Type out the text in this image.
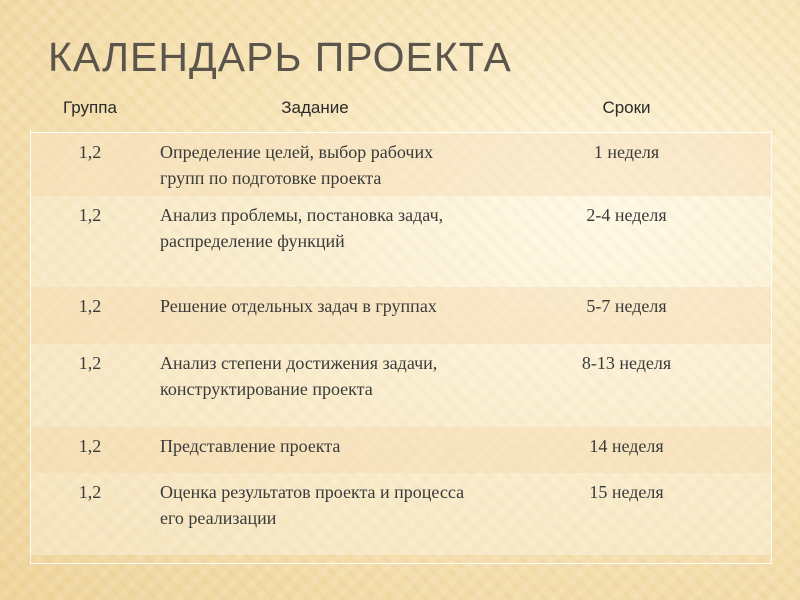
КАЛЕНДАРЬ ПРОЕКТА
Группа	Задание	Сроки
1,2	Определение целей, выбор рабочих групп по подготовке проекта	1 неделя
1,2	Анализ проблемы, постановка задач, распределение функций	2-4 неделя
1,2	Решение отдельных задач в группах	5-7 неделя
1,2	Анализ степени достижения задачи, конструктирование проекта	8-13 неделя
1,2	Представление проекта	14 неделя
1,2	Оценка результатов проекта и процесса его реализации	15 неделя
